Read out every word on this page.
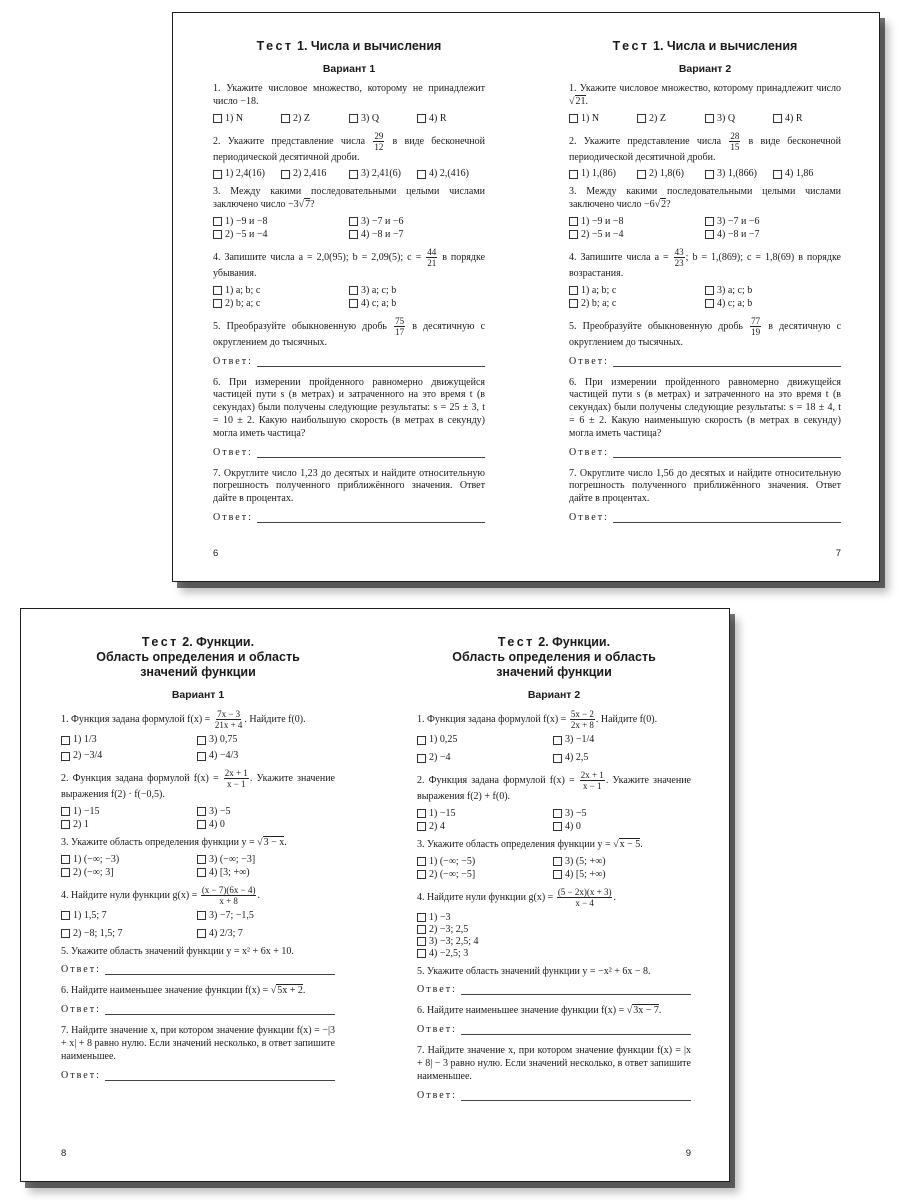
Тест 1. Числа и вычисления
Вариант 1
1. Укажите числовое множество, которому не принадлежит число −18.
1) N	2) Z	3) Q	4) R
2. Укажите представление числа $\frac{29}{12}$ в виде бесконечной периодической десятичной дроби.
1) 2,4(16)	2) 2,416	3) 2,41(6)	4) 2,(416)
3. Между какими последовательными целыми числами заключено число −3√7?
1) −9 и −8	3) −7 и −6
2) −5 и −4	4) −8 и −7
4. Запишите числа a = 2,0(95); b = 2,09(5); $c = \frac{44}{21}$ в порядке убывания.
1) a; b; c	3) a; c; b
2) b; a; c	4) c; a; b
5. Преобразуйте обыкновенную дробь $\frac{75}{17}$ в десятичную с округлением до тысячных.
Ответ:
6. При измерении пройденного равномерно движущейся частицей пути s (в метрах) и затраченного на это время t (в секундах) были получены следующие результаты: s = 25 ± 3, t = 10 ± 2. Какую наибольшую скорость (в метрах в секунду) могла иметь частица?
Ответ:
7. Округлите число 1,23 до десятых и найдите относительную погрешность полученного приближённого значения. Ответ дайте в процентах.
Ответ:
6
Тест 1. Числа и вычисления
Вариант 2
1. Укажите числовое множество, которому принадлежит число √21.
1) N	2) Z	3) Q	4) R
2. Укажите представление числа $\frac{28}{15}$ в виде бесконечной периодической десятичной дроби.
1) 1,(86)	2) 1,8(6)	3) 1,(866)	4) 1,86
3. Между какими последовательными целыми числами заключено число −6√2?
1) −9 и −8	3) −7 и −6
2) −5 и −4	4) −8 и −7
4. Запишите числа $a = \frac{43}{23}$ ; b = 1,(869); c = 1,8(69) в порядке возрастания.
1) a; b; c	3) a; c; b
2) b; a; c	4) c; a; b
5. Преобразуйте обыкновенную дробь $\frac{77}{19}$ в десятичную с округлением до тысячных.
Ответ:
6. При измерении пройденного равномерно движущейся частицей пути s (в метрах) и затраченного на это время t (в секундах) были получены следующие результаты: s = 18 ± 4, t = 6 ± 2. Какую наименьшую скорость (в метрах в секунду) могла иметь частица?
Ответ:
7. Округлите число 1,56 до десятых и найдите относительную погрешность полученного приближённого значения. Ответ дайте в процентах.
Ответ:
7
Тест 2. Функции.
Область определения и область
значений функции
Вариант 1
1. Функция задана формулой $f(x) = \frac{7x - 3}{21x + 4}$ . Найдите f(0).
1) 1/3	3) 0,75
2) −3/4	4) −4/3
2. Функция задана формулой $f(x) = \frac{2x + 1}{x - 1}$ . Укажите значение выражения f(2) · f(−0,5).
1) −15	3) −5
2) 1	4) 0
3. Укажите область определения функции y = √3 − x.
1) (−∞; −3)	3) (−∞; −3]
2) (−∞; 3]	4) [3; +∞)
4. Найдите нули функции $g(x) = \frac{(x - 7)(6x - 4)}{x + 8}$ .
1) 1,5; 7	3) −7; −1,5
2) −8; 1,5; 7	4) 2/3; 7
5. Укажите область значений функции y = x² + 6x + 10.
Ответ:
6. Найдите наименьшее значение функции f(x) = √5x + 2.
Ответ:
7. Найдите значение x, при котором значение функции f(x) = −|3 + x| + 8 равно нулю. Если значений несколько, в ответ запишите наименьшее.
Ответ:
8
Тест 2. Функции.
Область определения и область
значений функции
Вариант 2
1. Функция задана формулой $f(x) = \frac{5x - 2}{2x + 8}$ . Найдите f(0).
1) 0,25	3) −1/4
2) −4	4) 2,5
2. Функция задана формулой $f(x) = \frac{2x + 1}{x - 1}$ . Укажите значение выражения f(2) + f(0).
1) −15	3) −5
2) 4	4) 0
3. Укажите область определения функции y = √x − 5.
1) (−∞; −5)	3) (5; +∞)
2) (−∞; −5]	4) [5; +∞)
4. Найдите нули функции $g(x) = \frac{(5 - 2x)(x + 3)}{x - 4}$ .
1) −3
2) −3; 2,5
3) −3; 2,5; 4
4) −2,5; 3
5. Укажите область значений функции y = −x² + 6x − 8.
Ответ:
6. Найдите наименьшее значение функции f(x) = √3x − 7.
Ответ:
7. Найдите значение x, при котором значение функции f(x) = |x + 8| − 3 равно нулю. Если значений несколько, в ответ запишите наименьшее.
Ответ:
9
